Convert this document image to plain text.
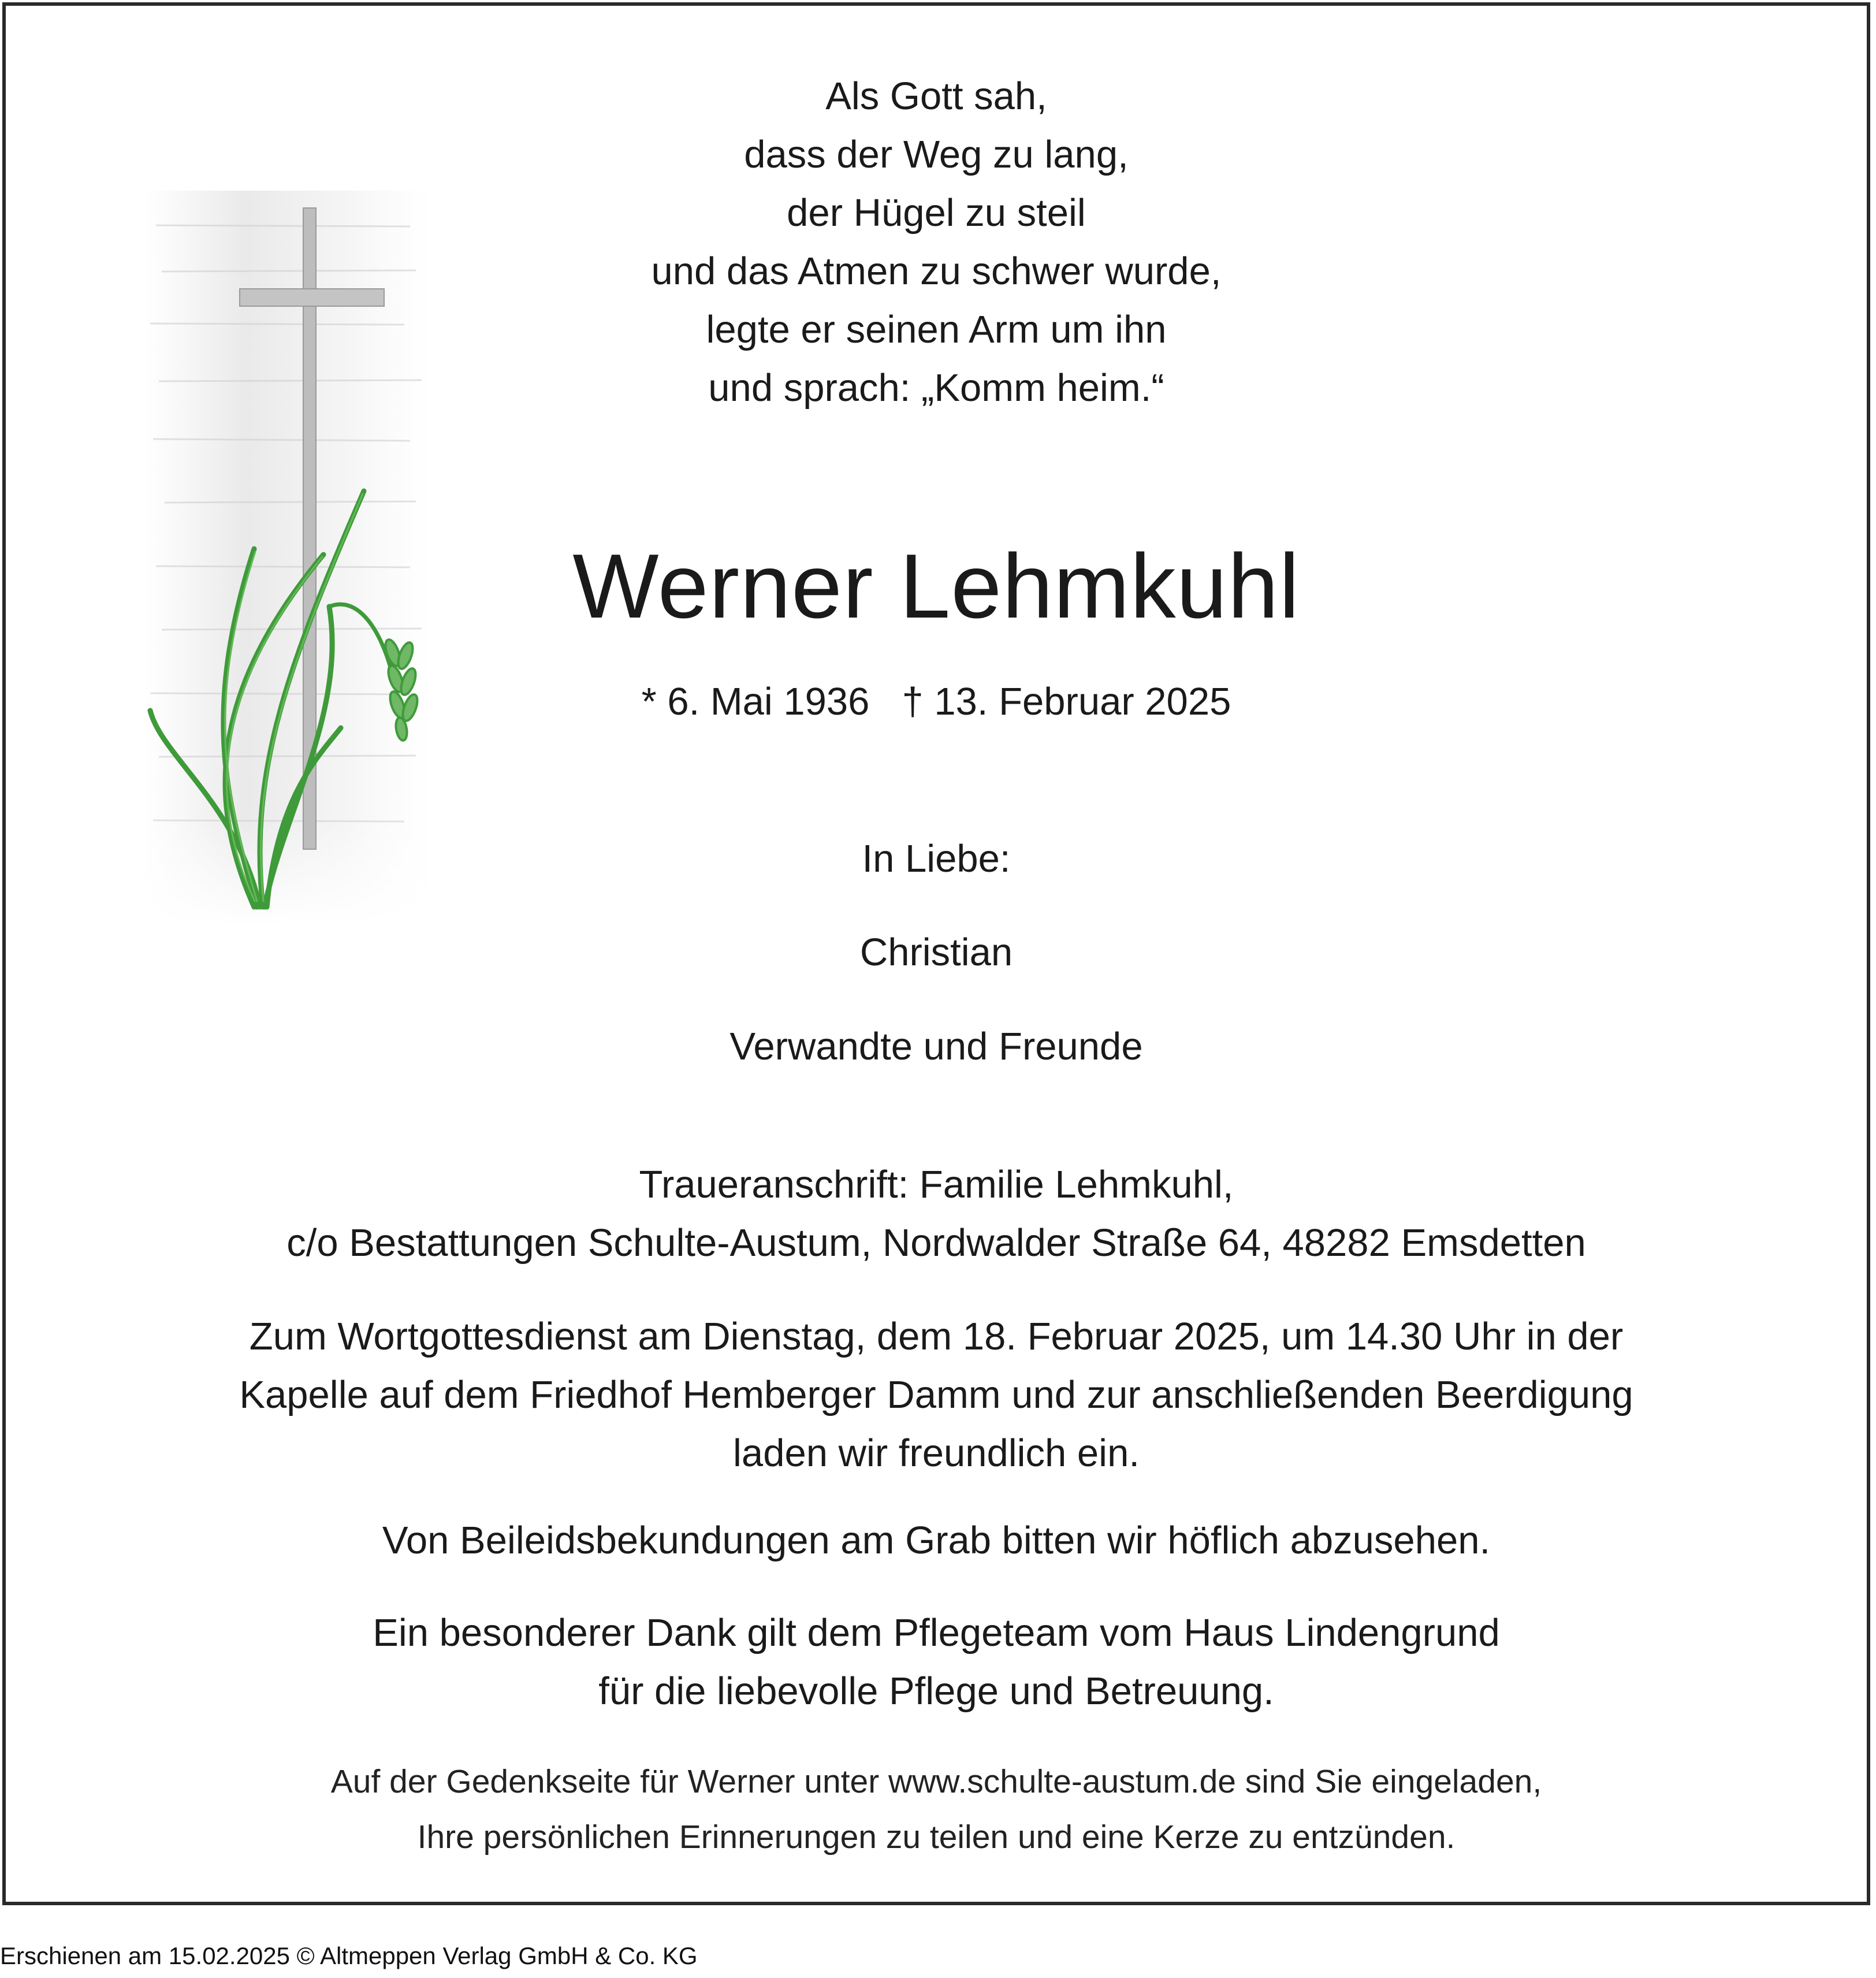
Als Gott sah,
dass der Weg zu lang,
der Hügel zu steil
und das Atmen zu schwer wurde,
legte er seinen Arm um ihn
und sprach: „Komm heim.“
Werner Lehmkuhl
* 6. Mai 1936 † 13. Februar 2025
In Liebe:
Christian
Verwandte und Freunde
Traueranschrift: Familie Lehmkuhl,
c/o Bestattungen Schulte-Austum, Nordwalder Straße 64, 48282 Emsdetten
Zum Wortgottesdienst am Dienstag, dem 18. Februar 2025, um 14.30 Uhr in der
Kapelle auf dem Friedhof Hemberger Damm und zur anschließenden Beerdigung
laden wir freundlich ein.
Von Beileidsbekundungen am Grab bitten wir höflich abzusehen.
Ein besonderer Dank gilt dem Pflegeteam vom Haus Lindengrund
für die liebevolle Pflege und Betreuung.
Auf der Gedenkseite für Werner unter www.schulte-austum.de sind Sie eingeladen,
Ihre persönlichen Erinnerungen zu teilen und eine Kerze zu entzünden.
Erschienen am 15.02.2025 © Altmeppen Verlag GmbH & Co. KG
